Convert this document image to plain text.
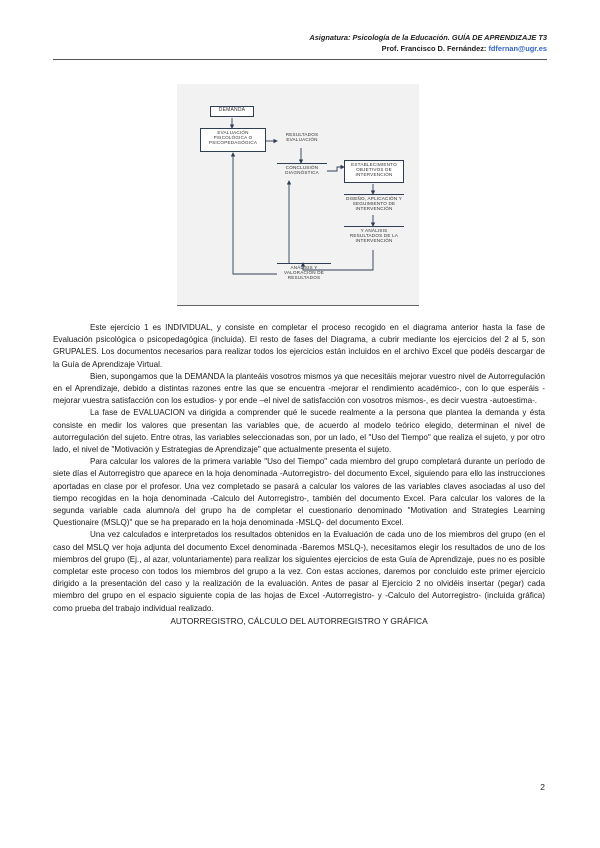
Asignatura: Psicología de la Educación. GUÍA DE APRENDIZAJE T3
Prof. Francisco D. Fernández: fdfernan@ugr.es
DEMANDA
EVALUACIÓN
PSICOLÓGICA O
PSICOPEDAGÓGICA
RESULTADOS
EVALUACIÓN
CONCLUSIÓN
DIAGNÓSTICA
ESTABLECIMIENTO
OBJETIVOS DE
INTERVENCIÓN
DISEÑO, APLICACIÓN Y
SEGUIMIENTO DE
INTERVENCIÓN
Y ANÁLISIS
RESULTADOS DE LA
INTERVENCIÓN
ANÁLISIS Y
VALORACIÓN DE
RESULTADOS

Este ejercicio 1 es INDIVIDUAL, y consiste en completar el proceso recogido en el diagrama anterior hasta la fase de Evaluación psicológica o psicopedagógica (incluida). El resto de fases del Diagrama, a cubrir mediante los ejercicios del 2 al 5, son GRUPALES. Los documentos necesarios para realizar todos los ejercicios están incluidos en el archivo Excel que podéis descargar de la Guía de Aprendizaje Virtual.

Bien, supongamos que la DEMANDA la planteáis vosotros mismos ya que necesitáis mejorar vuestro nivel de Autorregulación en el Aprendizaje, debido a distintas razones entre las que se encuentra -mejorar el rendimiento académico-, con lo que esperáis -mejorar vuestra satisfacción con los estudios- y por ende –el nivel de satisfacción con vosotros mismos-, es decir vuestra -autoestima-.

La fase de EVALUACION va dirigida a comprender qué le sucede realmente a la persona que plantea la demanda y ésta consiste en medir los valores que presentan las variables que, de acuerdo al modelo teórico elegido, determinan el nivel de autorregulación del sujeto. Entre otras, las variables seleccionadas son, por un lado, el "Uso del Tiempo" que realiza el sujeto, y por otro lado, el nivel de "Motivación y Estrategias de Aprendizaje" que actualmente presenta el sujeto.

Para calcular los valores de la primera variable "Uso del Tiempo" cada miembro del grupo completará durante un período de siete días el Autorregistro que aparece en la hoja denominada -Autorregistro- del documento Excel, siguiendo para ello las instrucciones aportadas en clase por el profesor. Una vez completado se pasará a calcular los valores de las variables claves asociadas al uso del tiempo recogidas en la hoja denominada -Calculo del Autorregistro-, también del documento Excel. Para calcular los valores de la segunda variable cada alumno/a del grupo ha de completar el cuestionario denominado "Motivation and Strategies Learning Questionaire (MSLQ)" que se ha preparado en la hoja denominada -MSLQ- del documento Excel.

Una vez calculados e interpretados los resultados obtenidos en la Evaluación de cada uno de los miembros del grupo (en el caso del MSLQ ver hoja adjunta del documento Excel denominada -Baremos MSLQ-), necesitamos elegir los resultados de uno de los miembros del grupo (Ej., al azar, voluntariamente) para realizar los siguientes ejercicios de esta Guía de Aprendizaje, pues no es posible completar este proceso con todos los miembros del grupo a la vez. Con estas acciones, daremos por concluido este primer ejercicio dirigido a la presentación del caso y la realización de la evaluación. Antes de pasar al Ejercicio 2 no olvidéis insertar (pegar) cada miembro del grupo en el espacio siguiente copia de las hojas de Excel -Autorregistro- y -Calculo del Autorregistro- (incluida gráfica) como prueba del trabajo individual realizado.

AUTORREGISTRO, CÁLCULO DEL AUTORREGISTRO Y GRÁFICA

2
